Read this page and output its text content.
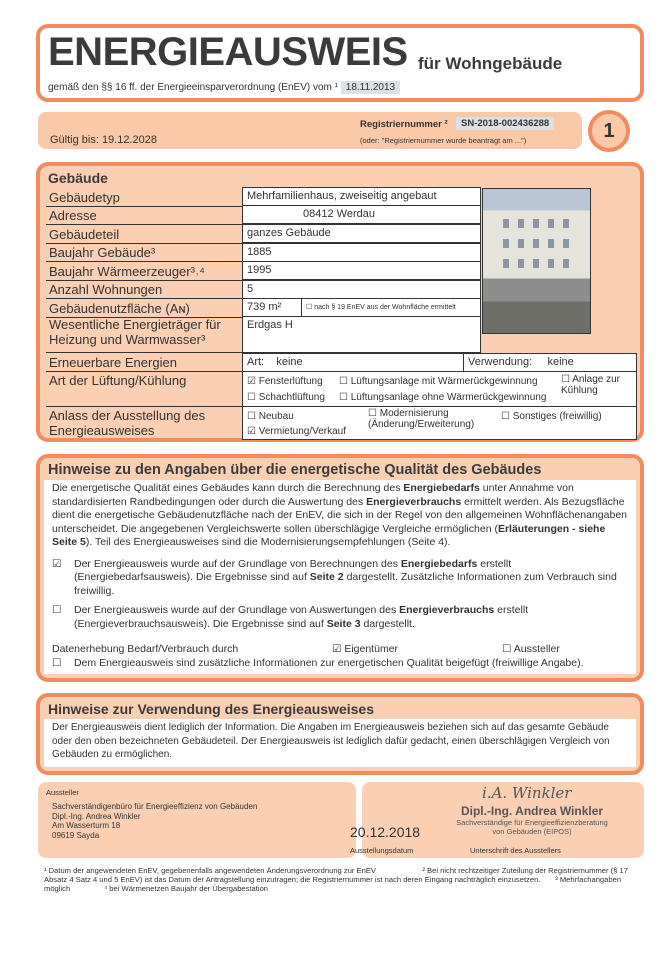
ENERGIEAUSWEIS für Wohngebäude
gemäß den §§ 16 ff. der Energieeinsparverordnung (EnEV) vom ¹ 18.11.2013
Gültig bis: 19.12.2028
Registriernummer ²	SN-2018-002436288
(oder: "Registriernummer wurde beantragt am ...")	1
Gebäude
Gebäudetyp	Mehrfamilienhaus, zweiseitig angebaut
Adresse	08412 Werdau
Gebäudeteil	ganzes Gebäude
Baujahr Gebäude³	1885
Baujahr Wärmeerzeuger³˒⁴	1995
Anzahl Wohnungen	5
Gebäudenutzfläche (Aɴ)	739 m²	☐ nach § 19 EnEV aus der Wohnfläche ermittelt
Wesentliche Energieträger für Heizung und Warmwasser³
Erdgas H
Erneuerbare Energien	Art: keine	Verwendung: keine
Art der Lüftung/Kühlung	☑ Fensterlüftung ☐ Lüftungsanlage mit Wärmerückgewinnung ☐ Anlage zur Kühlung
☐ Schachtlüftung ☐ Lüftungsanlage ohne Wärmerückgewinnung
Anlass der Ausstellung des Energieausweises
☐ Neubau	☐ Modernisierung (Änderung/Erweiterung)
☐ Sonstiges (freiwillig)
☑ Vermietung/Verkauf
Hinweise zu den Angaben über die energetische Qualität des Gebäudes

Die energetische Qualität eines Gebäudes kann durch die Berechnung des Energiebedarfs unter Annahme von standardisierten Randbedingungen oder durch die Auswertung des Energieverbrauchs ermittelt werden. Als Bezugsfläche dient die energetische Gebäudenutzfläche nach der EnEV, die sich in der Regel von den allgemeinen Wohnflächenangaben unterscheidet. Die angegebenen Vergleichswerte sollen überschlägige Vergleiche ermöglichen (Erläuterungen - siehe Seite 5). Teil des Energieausweises sind die Modernisierungsempfehlungen (Seite 4).

☑	Der Energieausweis wurde auf der Grundlage von Berechnungen des Energiebedarfs erstellt (Energiebedarfsausweis). Die Ergebnisse sind auf Seite 2 dargestellt. Zusätzliche Informationen zum Verbrauch sind freiwillig.
☐	Der Energieausweis wurde auf der Grundlage von Auswertungen des Energieverbrauchs erstellt (Energieverbrauchsausweis). Die Ergebnisse sind auf Seite 3 dargestellt.
Datenerhebung Bedarf/Verbrauch durch	☑ Eigentümer	☐ Aussteller
☐	Dem Energieausweis sind zusätzliche Informationen zur energetischen Qualität beigefügt (freiwillige Angabe).
Hinweise zur Verwendung des Energieausweises

Der Energieausweis dient lediglich der Information. Die Angaben im Energieausweis beziehen sich auf das gesamte Gebäude oder den oben bezeichneten Gebäudeteil. Der Energieausweis ist lediglich dafür gedacht, einen überschlägigen Vergleich von Gebäuden zu ermöglichen.

Aussteller
Sachverständigenbüro für Energieeffizienz von Gebäuden
Dipl.-Ing. Andrea Winkler
Am Wasserturm 18
09619 Sayda	20.12.2018
Ausstellungsdatum
i.A. Winkler
Dipl.-Ing. Andrea Winkler
Sachverständige für Energieeffizienzberatung
von Gebäuden (EIPOS)
Unterschrift des Ausstellers
¹ Datum der angewendeten EnEV, gegebenenfalls angewendeten Änderungsverordnung zur EnEV	² Bei nicht rechtzeitiger Zuteilung der Registriernummer (§ 17 Absatz 4 Satz 4 und 5 EnEV) ist das Datum der Antragstellung einzutragen; die Registriernummer ist nach deren Eingang nachträglich einzusetzen. ³ Mehrfachangaben möglich	⁴ bei Wärmenetzen Baujahr der Übergabestation
